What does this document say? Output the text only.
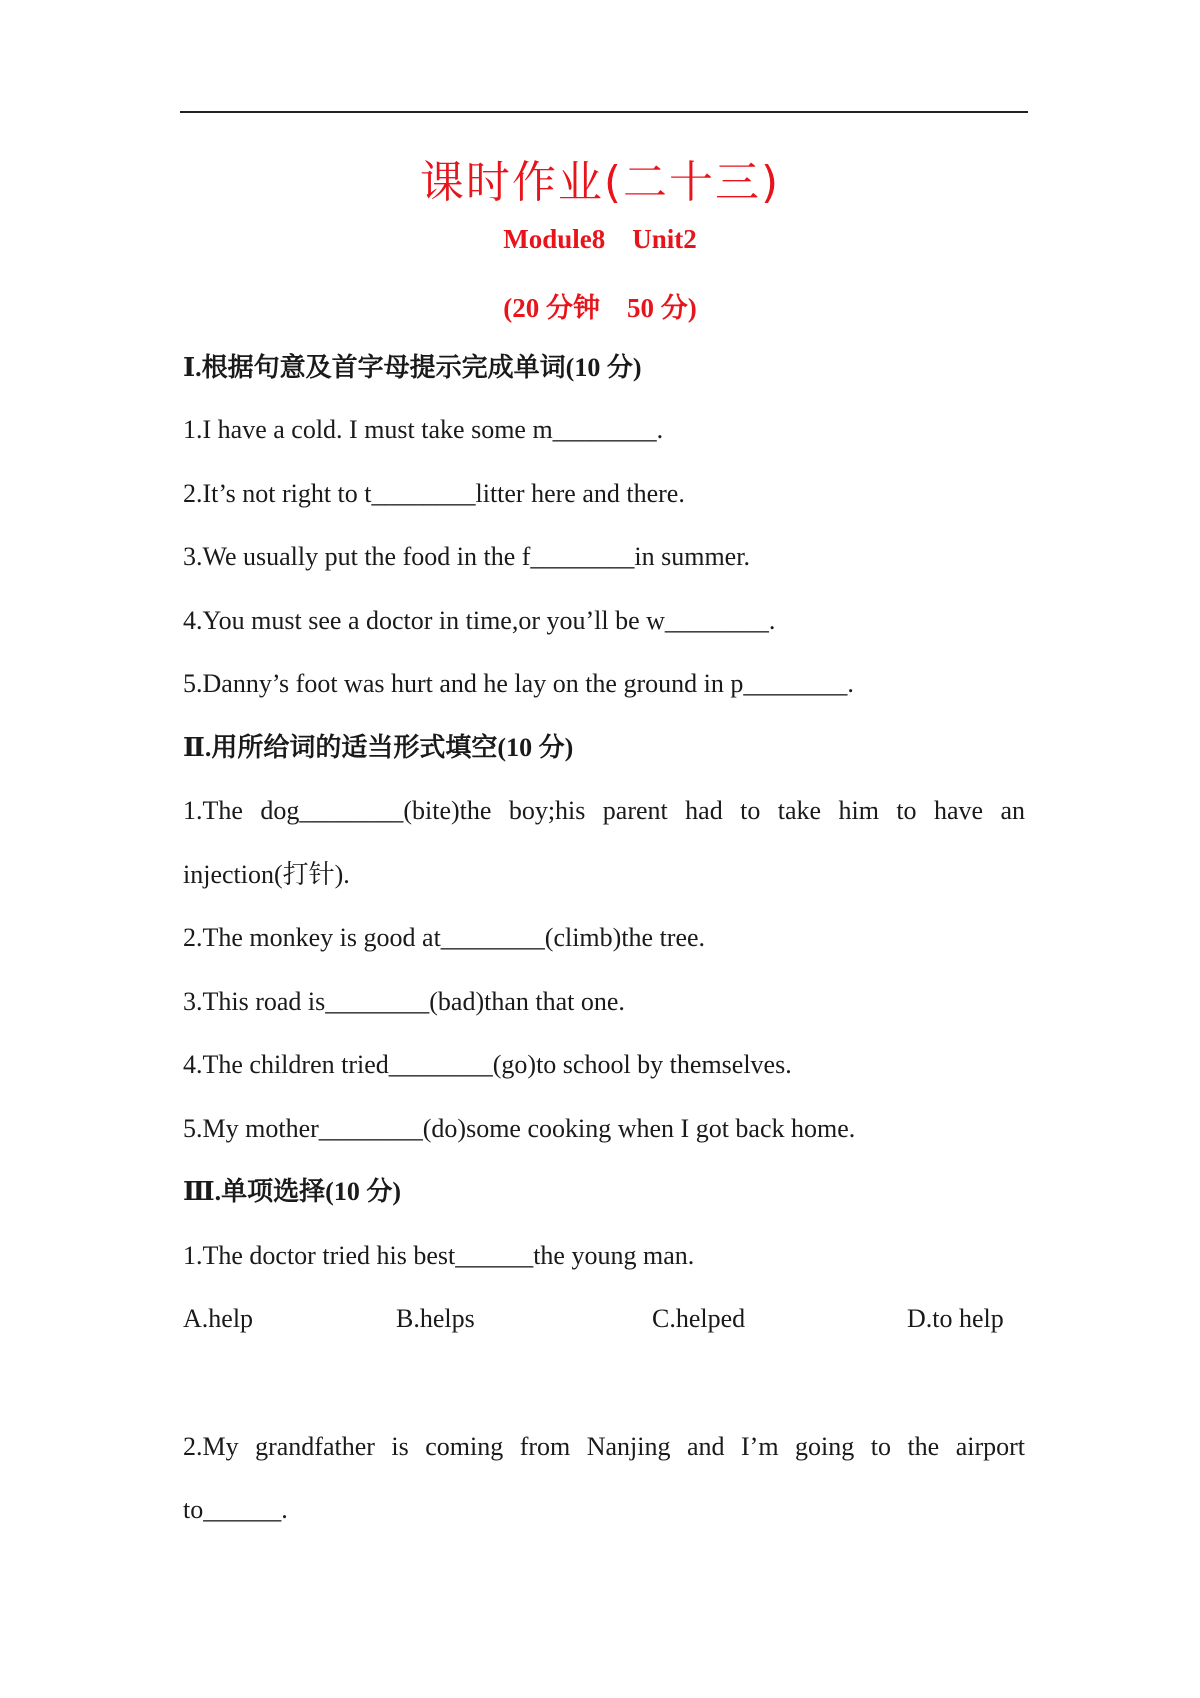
课时作业(二十三)
Module8    Unit2
(20 分钟    50 分)
Ⅰ.根据句意及首字母提示完成单词(10 分)
1.I have a cold. I must take some m________.
2.It’s not right to t________litter here and there.
3.We usually put the food in the f________in summer.
4.You must see a doctor in time,or you’ll be w________.
5.Danny’s foot was hurt and he lay on the ground in p________.
Ⅱ.用所给词的适当形式填空(10 分)
1.The dog________(bite)the boy;his parent had to take him to have an
injection(打针).
2.The monkey is good at________(climb)the tree.
3.This road is________(bad)than that one.
4.The children tried________(go)to school by themselves.
5.My mother________(do)some cooking when I got back home.
Ⅲ.单项选择(10 分)
1.The doctor tried his best______the young man.
A.help	B.helps	C.helped	D.to help
2.My grandfather is coming from Nanjing and I’m going to the airport
to______.
